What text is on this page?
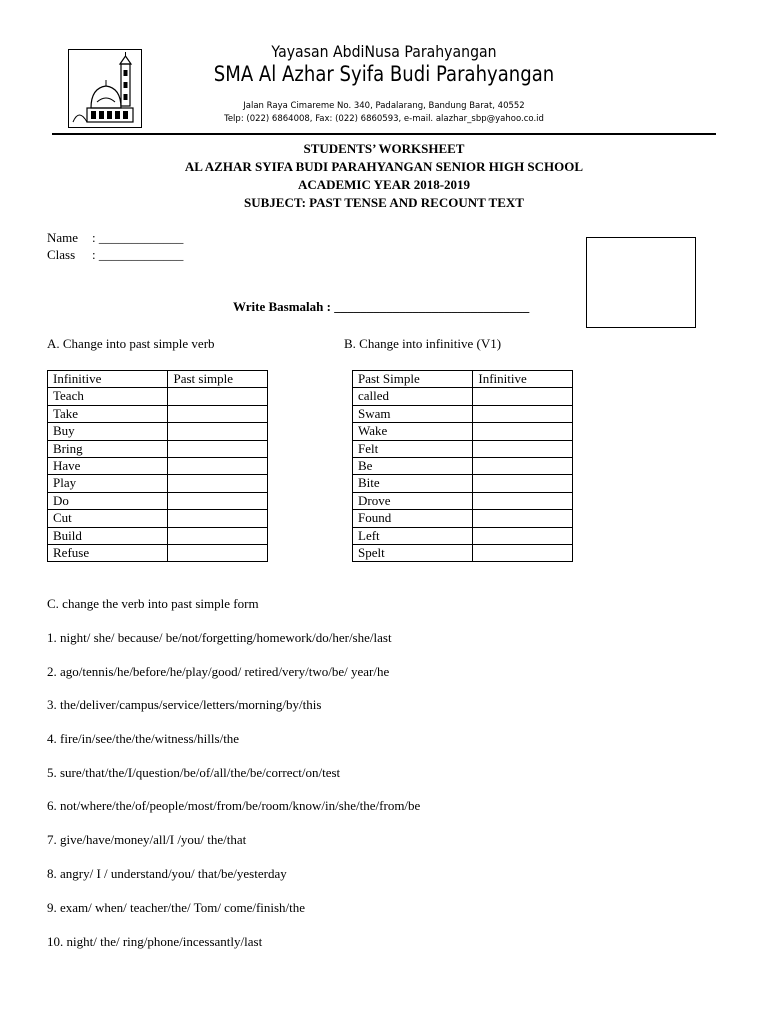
Yayasan AbdiNusa Parahyangan
SMA Al Azhar Syifa Budi Parahyangan
Jalan Raya Cimareme No. 340, Padalarang, Bandung Barat, 40552
Telp: (022) 6864008, Fax: (022) 6860593, e-mail. alazhar_sbp@yahoo.co.id
STUDENTS’ WORKSHEET
AL AZHAR SYIFA BUDI PARAHYANGAN SENIOR HIGH SCHOOL
ACADEMIC YEAR 2018-2019
SUBJECT: PAST TENSE AND RECOUNT TEXT
Name : _____________
Class : _____________
Write Basmalah : ______________________________
A. Change into past simple verb	B. Change into infinitive (V1)
Infinitive	Past simple
Teach	
Take	
Buy	
Bring	
Have	
Play	
Do	
Cut	
Build	
Refuse	
Past Simple	Infinitive
called	
Swam	
Wake	
Felt	
Be	
Bite	
Drove	
Found	
Left	
Spelt	
C. change the verb into past simple form
1. night/ she/ because/ be/not/forgetting/homework/do/her/she/last
2. ago/tennis/he/before/he/play/good/ retired/very/two/be/ year/he
3. the/deliver/campus/service/letters/morning/by/this
4. fire/in/see/the/the/witness/hills/the
5. sure/that/the/I/question/be/of/all/the/be/correct/on/test
6. not/where/the/of/people/most/from/be/room/know/in/she/the/from/be
7. give/have/money/all/I /you/ the/that
8. angry/ I / understand/you/ that/be/yesterday
9. exam/ when/ teacher/the/ Tom/ come/finish/the
10. night/ the/ ring/phone/incessantly/last
